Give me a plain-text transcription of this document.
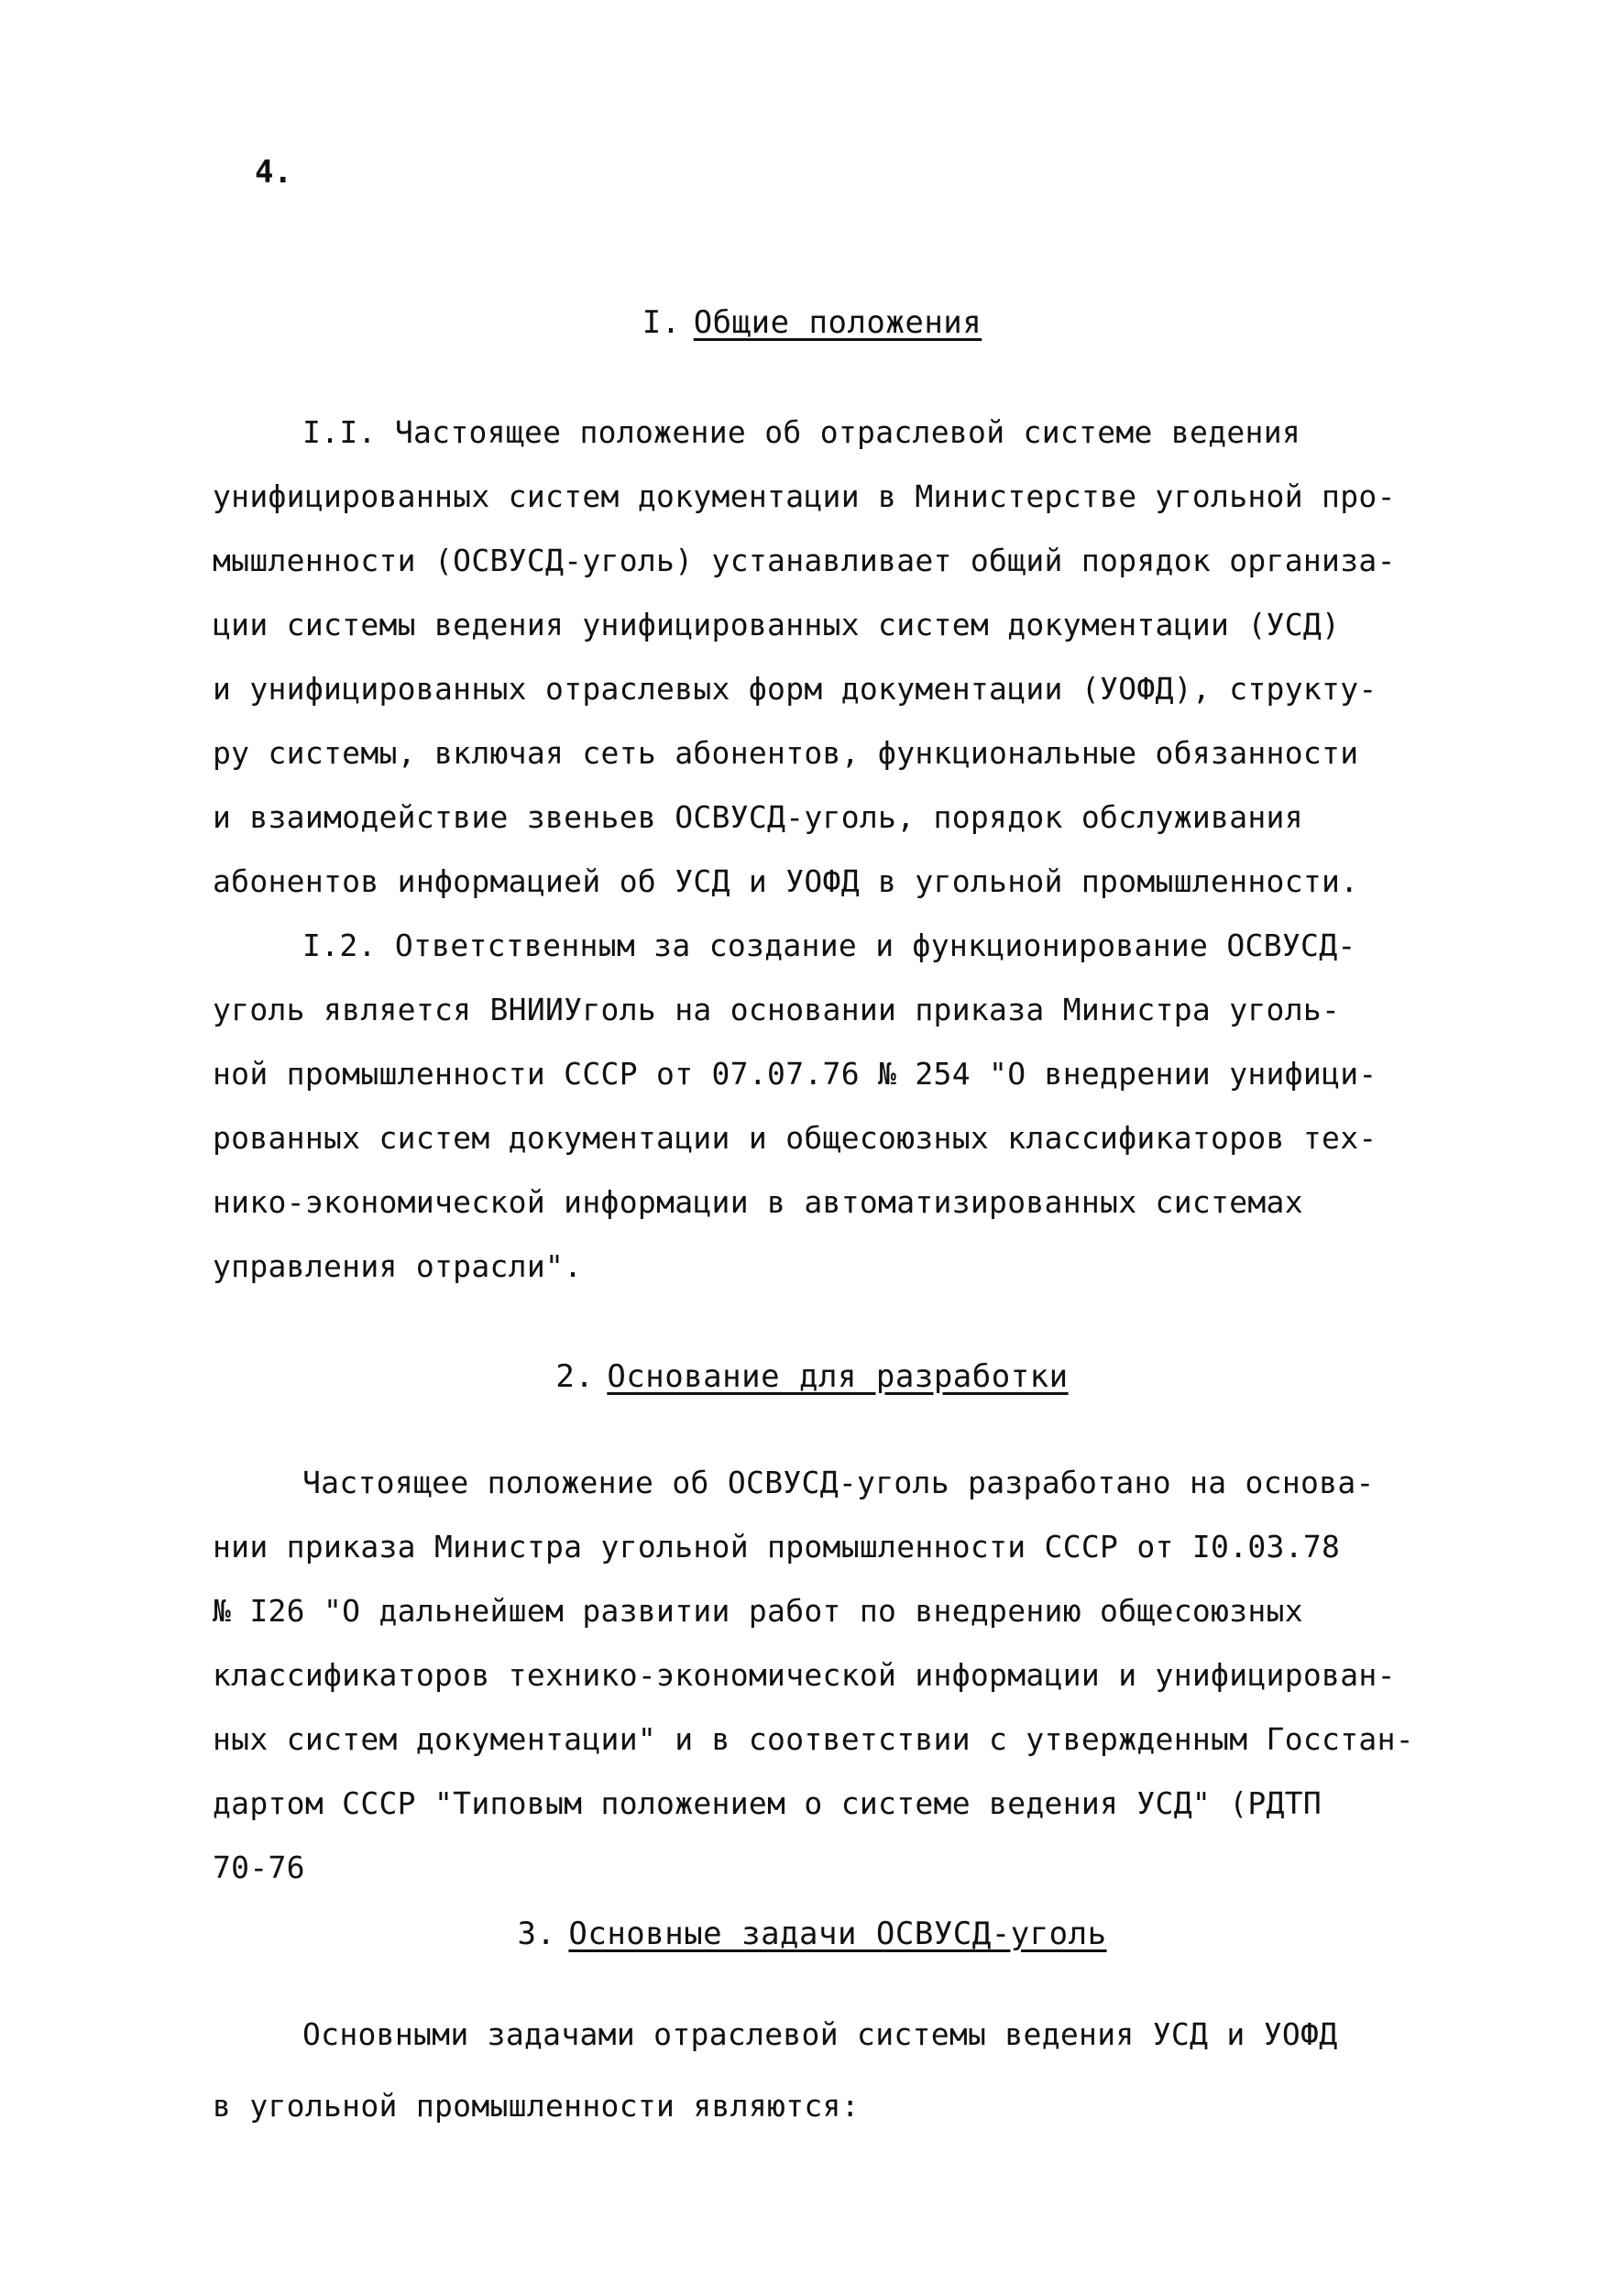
4.
I. Общие положения
I.I. Частоящее положение об отраслевой системе ведения
унифицированных систем документации в Министерстве угольной про-
мышленности (ОСВУСД-уголь) устанавливает общий порядок организа-
ции системы ведения унифицированных систем документации (УСД)
и унифицированных отраслевых форм документации (УОФД), структу-
ру системы, включая сеть абонентов, функциональные обязанности
и взаимодействие звеньев ОСВУСД-уголь, порядок обслуживания
абонентов информацией об УСД и УОФД в угольной промышленности.
I.2. Ответственным за создание и функционирование ОСВУСД-
уголь является ВНИИУголь на основании приказа Министра уголь-
ной промышленности СССР от 07.07.76 № 254 "О внедрении унифици-
рованных систем документации и общесоюзных классификаторов тех-
нико-экономической информации в автоматизированных системах
управления отрасли".
2. Основание для разработки
Частоящее положение об ОСВУСД-уголь разработано на основа-
нии приказа Министра угольной промышленности СССР от I0.03.78
№ I26 "О дальнейшем развитии работ по внедрению общесоюзных
классификаторов технико-экономической информации и унифицирован-
ных систем документации" и в соответствии с утвержденным Госстан-
дартом СССР "Типовым положением о системе ведения УСД" (РДТП
70-76
3. Основные задачи ОСВУСД-уголь
Основными задачами отраслевой системы ведения УСД и УОФД
в угольной промышленности являются:
